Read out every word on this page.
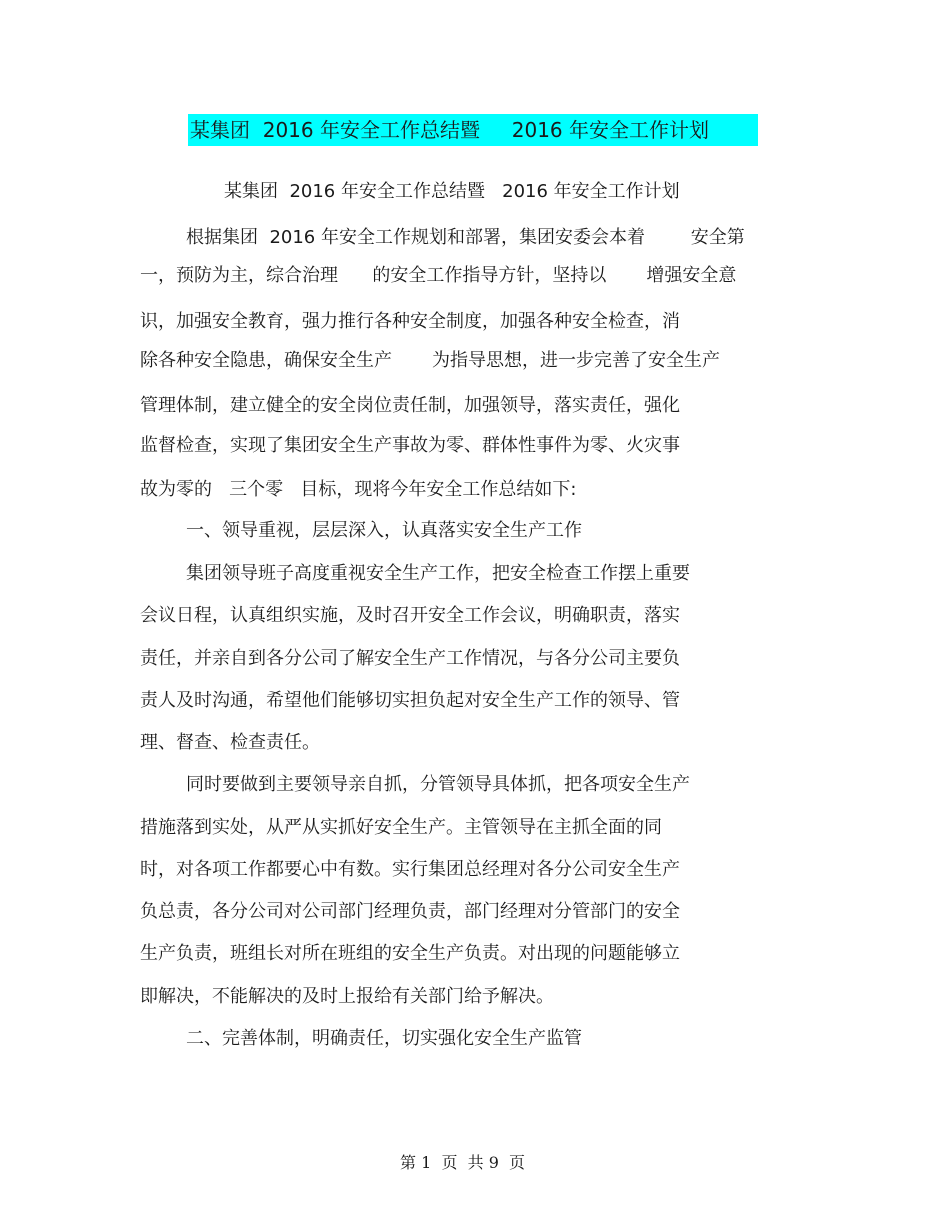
某集团  2016 年安全工作总结暨     2016 年安全工作计划
某集团  2016 年安全工作总结暨   2016 年安全工作计划
根据集团  2016 年安全工作规划和部署，集团安委会本着        安全第
一，预防为主，综合治理      的安全工作指导方针，坚持以       增强安全意
识，加强安全教育，强力推行各种安全制度，加强各种安全检查，消
除各种安全隐患，确保安全生产       为指导思想，进一步完善了安全生产
管理体制，建立健全的安全岗位责任制，加强领导，落实责任，强化
监督检查，实现了集团安全生产事故为零、群体性事件为零、火灾事
故为零的   三个零   目标，现将今年安全工作总结如下:
一、领导重视，层层深入，认真落实安全生产工作
集团领导班子高度重视安全生产工作，把安全检查工作摆上重要
会议日程，认真组织实施，及时召开安全工作会议，明确职责，落实
责任，并亲自到各分公司了解安全生产工作情况，与各分公司主要负
责人及时沟通，希望他们能够切实担负起对安全生产工作的领导、管
理、督查、检查责任。
同时要做到主要领导亲自抓，分管领导具体抓，把各项安全生产
措施落到实处，从严从实抓好安全生产。主管领导在主抓全面的同
时，对各项工作都要心中有数。实行集团总经理对各分公司安全生产
负总责，各分公司对公司部门经理负责，部门经理对分管部门的安全
生产负责，班组长对所在班组的安全生产负责。对出现的问题能够立
即解决，不能解决的及时上报给有关部门给予解决。
二、完善体制，明确责任，切实强化安全生产监管
第 1  页  共 9  页
